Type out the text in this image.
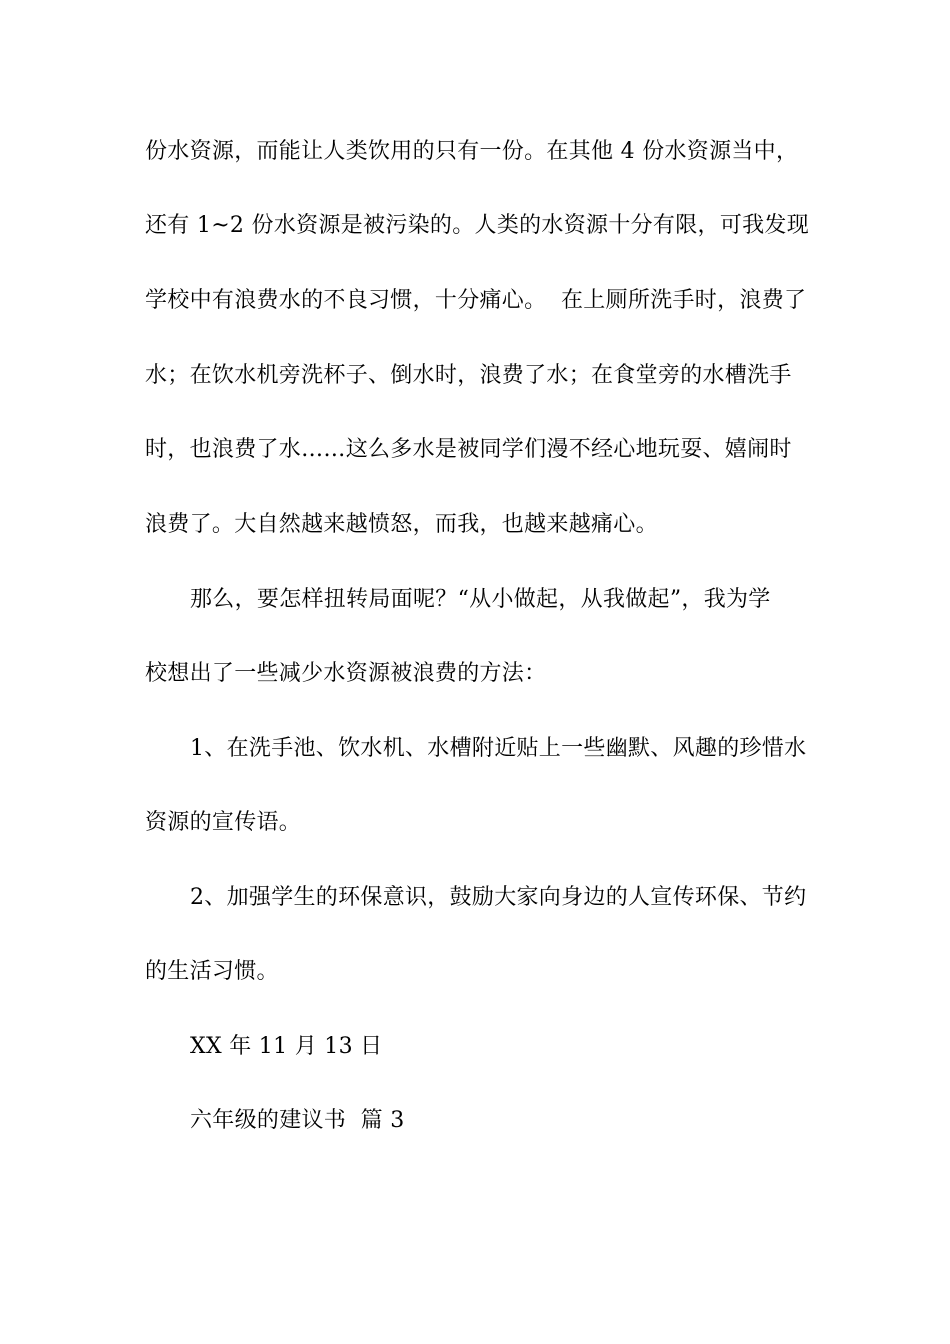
份水资源，而能让人类饮用的只有一份。在其他 4 份水资源当中，
还有 1~2 份水资源是被污染的。人类的水资源十分有限，可我发现
学校中有浪费水的不良习惯，十分痛心。  在上厕所洗手时，浪费了
水；在饮水机旁洗杯子、倒水时，浪费了水；在食堂旁的水槽洗手
时，也浪费了水……这么多水是被同学们漫不经心地玩耍、嬉闹时
浪费了。大自然越来越愤怒，而我，也越来越痛心。
那么，要怎样扭转局面呢？“从小做起，从我做起”，我为学
校想出了一些减少水资源被浪费的方法：
1、在洗手池、饮水机、水槽附近贴上一些幽默、风趣的珍惜水
资源的宣传语。
2、加强学生的环保意识，鼓励大家向身边的人宣传环保、节约
的生活习惯。
XX 年 11 月 13 日
六年级的建议书  篇 3
